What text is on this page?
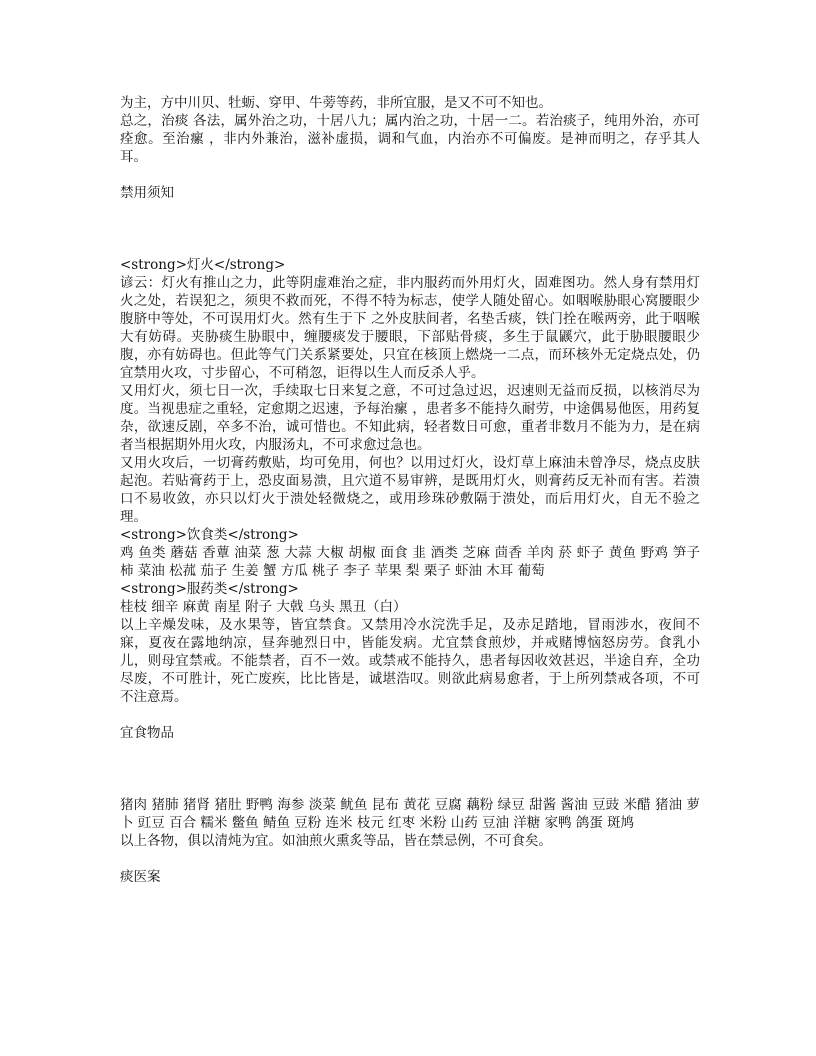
为主，方中川贝、牡蛎、穿甲、牛蒡等药，非所宜服，是又不可不知也。

总之，治痰 各法，属外治之功，十居八九；属内治之功，十居一二。若治痰子，纯用外治，亦可痊愈。至治瘰 ，非内外兼治，滋补虚损，调和气血，内治亦不可偏废。是神而明之，存乎其人耳。

禁用须知

<strong>灯火</strong>

谚云：灯火有推山之力，此等阴虚难治之症，非内服药而外用灯火，固难图功。然人身有禁用灯火之处，若误犯之，须臾不救而死，不得不特为标志，使学人随处留心。如咽喉胁眼心窝腰眼少腹脐中等处，不可误用灯火。然有生于下 之外皮肤间者，名垫舌痰，铁门拴在喉两旁，此于咽喉大有妨碍。夹胁痰生胁眼中，缠腰痰发于腰眼，下部贴骨痰，多生于鼠鼷穴，此于胁眼腰眼少腹，亦有妨碍也。但此等气门关系紧要处，只宜在核顶上燃烧一二点，而环核外无定烧点处，仍宜禁用火攻，寸步留心，不可稍忽，讵得以生人而反杀人乎。

又用灯火，须七日一次，手续取七日来复之意，不可过急过迟，迟速则无益而反损，以核消尽为度。当视患症之重轻，定愈期之迟速，予每治瘰 ，患者多不能持久耐劳，中途偶易他医，用药复杂，欲速反剧，卒多不治，诚可惜也。不知此病，轻者数日可愈，重者非数月不能为力，是在病者当根据期外用火攻，内服汤丸，不可求愈过急也。

又用火攻后，一切膏药敷贴，均可免用，何也？以用过灯火，设灯草上麻油未曾净尽，烧点皮肤起泡。若贴膏药于上，恐皮面易溃，且穴道不易审辨，是既用灯火，则膏药反无补而有害。若溃口不易收敛，亦只以灯火于溃处轻微烧之，或用珍珠砂敷隔于溃处，而后用灯火，自无不验之理。

<strong>饮食类</strong>

鸡 鱼类 蘑菇 香蕈 油菜 葱 大蒜 大椒 胡椒 面食 韭 酒类 芝麻 茴香 羊肉 菸 虾子 黄鱼 野鸡 笋子柿 菜油 松菰 茄子 生姜 蟹 方瓜 桃子 李子 苹果 梨 栗子 虾油 木耳 葡萄

<strong>服药类</strong>

桂枝 细辛 麻黄 南星 附子 大戟 乌头 黑丑（白）

以上辛燥发味，及水果等，皆宜禁食。又禁用冷水浣洗手足，及赤足踏地，冒雨涉水，夜间不寐，夏夜在露地纳凉，昼奔驰烈日中，皆能发病。尤宜禁食煎炒，并戒赌博恼怒房劳。食乳小儿，则母宜禁戒。不能禁者，百不一效。或禁戒不能持久，患者每因收效甚迟，半途自弃，全功尽废，不可胜计，死亡废疾，比比皆是，诚堪浩叹。则欲此病易愈者，于上所列禁戒各项，不可不注意焉。

宜食物品

猪肉 猪肺 猪肾 猪肚 野鸭 海参 淡菜 鱿鱼 昆布 黄花 豆腐 藕粉 绿豆 甜酱 酱油 豆豉 米醋 猪油 萝卜 豇豆 百合 糯米 鳖鱼 鲭鱼 豆粉 连米 枝元 红枣 米粉 山药 豆油 洋糖 家鸭 鸽蛋 斑鸠

以上各物，俱以清炖为宜。如油煎火熏炙等品，皆在禁忌例，不可食矣。

痰医案
